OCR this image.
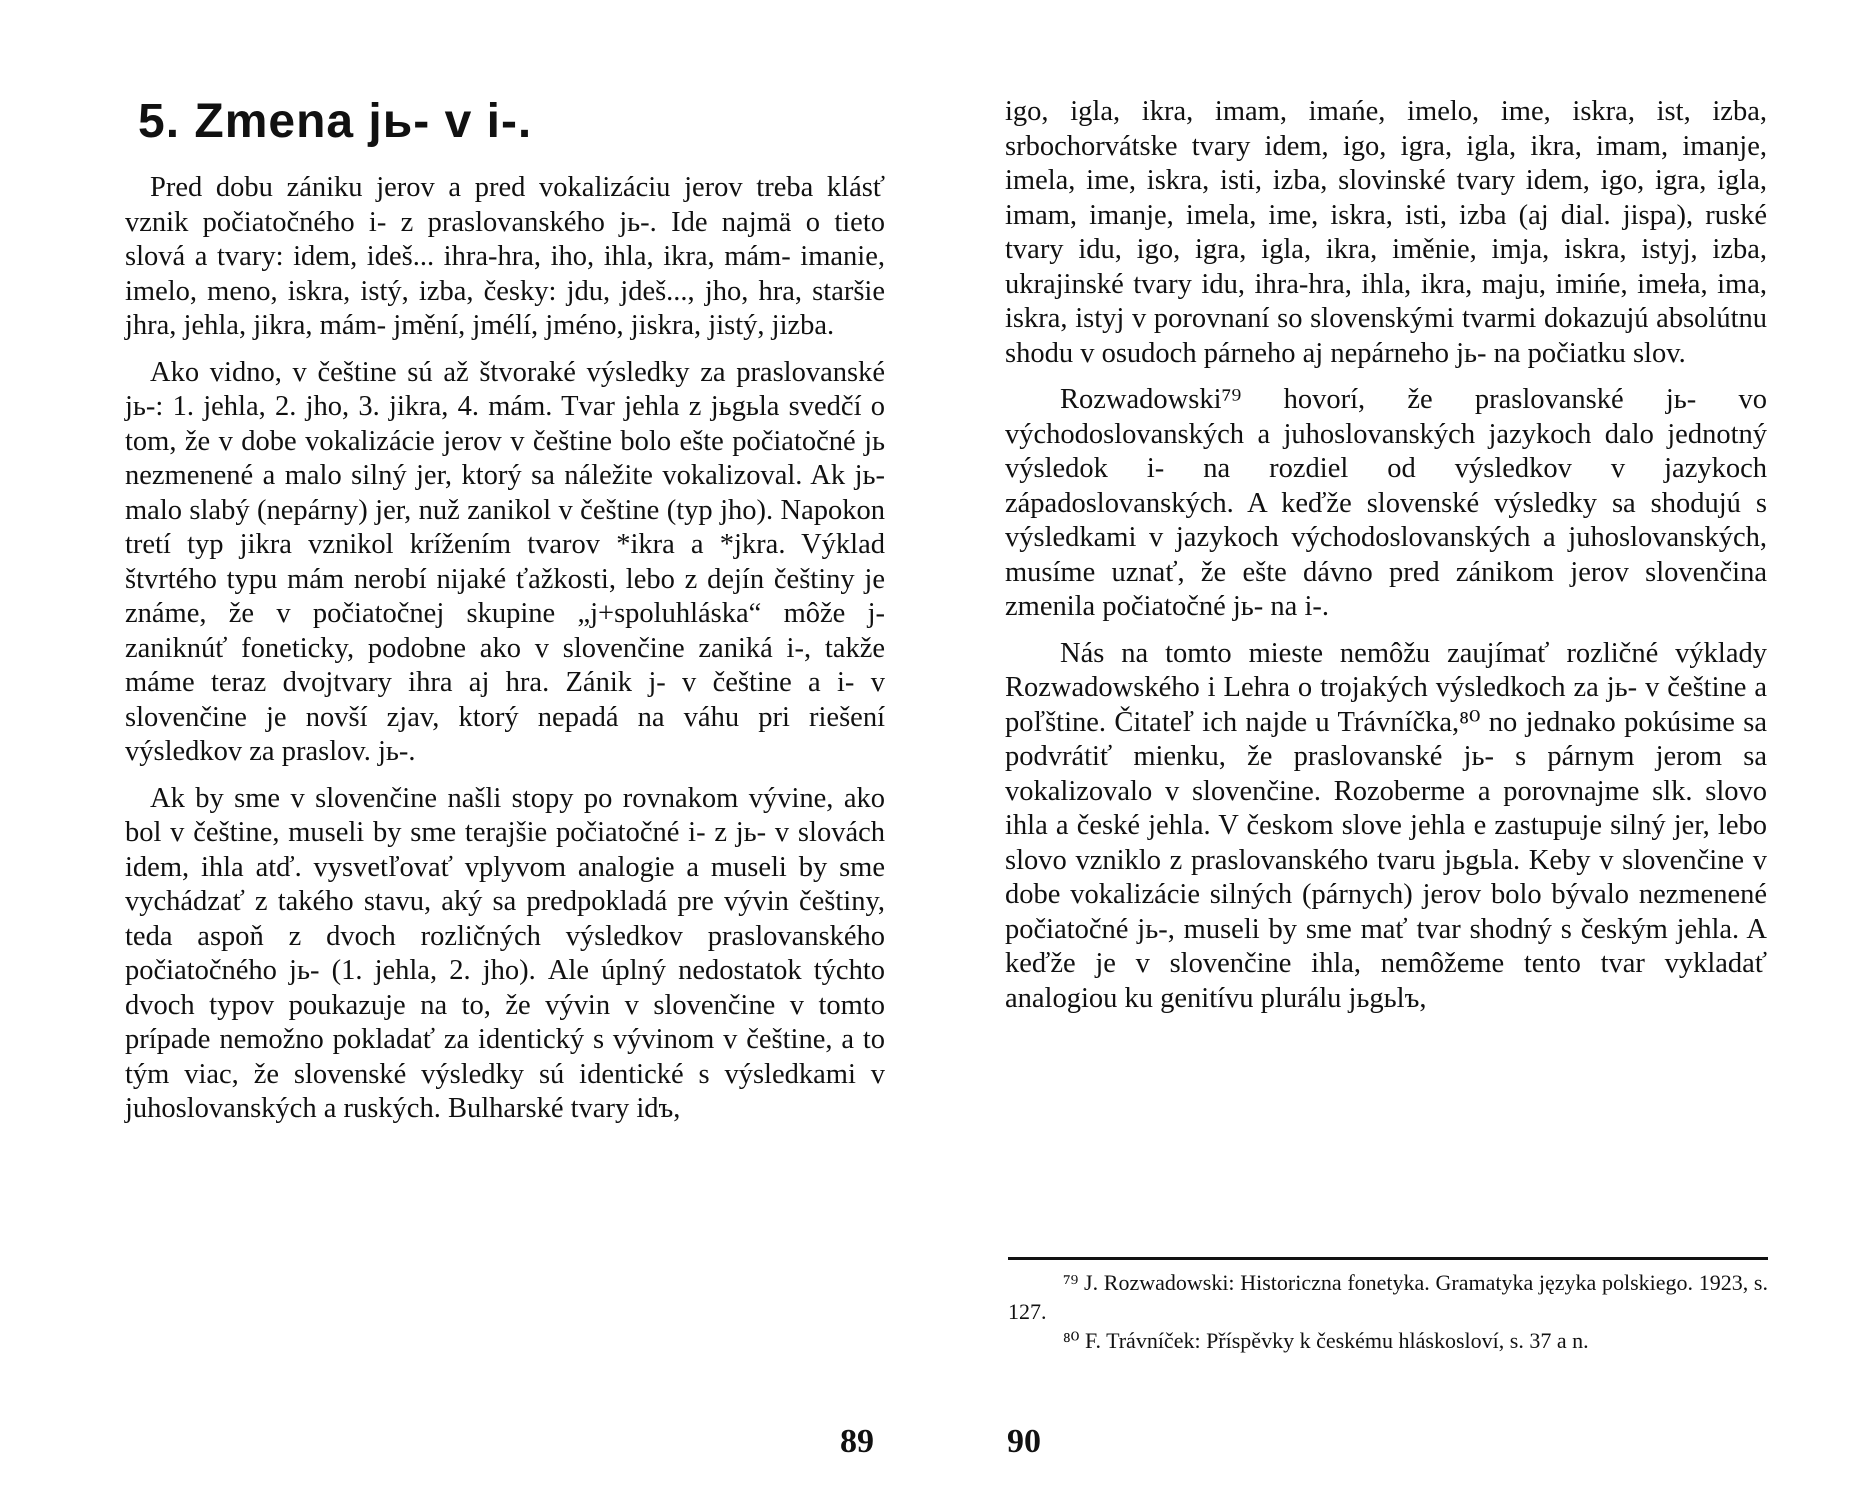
5. Zmena jь- v i-.

Pred dobu zániku jerov a pred vokalizáciu jerov treba klásť vznik počiatočného i- z praslovanského jь-. Ide najmä o tieto slová a tvary: idem, ideš... ihra-hra, iho, ihla, ikra, mám- imanie, imelo, meno, iskra, istý, izba, česky: jdu, jdeš..., jho, hra, staršie jhra, jehla, jikra, mám- jmění, jmélí, jméno, jiskra, jistý, jizba.

Ako vidno, v češtine sú až štvoraké výsledky za praslovanské jь-: 1. jehla, 2. jho, 3. jikra, 4. mám. Tvar jehla z jьgьla svedčí o tom, že v dobe vokalizácie jerov v češtine bolo ešte počiatočné jь nezmenené a malo silný jer, ktorý sa náležite vokalizoval. Ak jь- malo slabý (nepárny) jer, nuž zanikol v češtine (typ jho). Napokon tretí typ jikra vznikol krížením tvarov *ikra a *jkra. Výklad štvrtého typu mám nerobí nijaké ťažkosti, lebo z dejín češtiny je známe, že v počiatočnej skupine „j+spoluhláska“ môže j- zaniknúť foneticky, podobne ako v slovenčine zaniká i-, takže máme teraz dvojtvary ihra aj hra. Zánik j- v češtine a i- v slovenčine je novší zjav, ktorý nepadá na váhu pri riešení výsledkov za praslov. jь-.

Ak by sme v slovenčine našli stopy po rovnakom vývine, ako bol v češtine, museli by sme terajšie počiatočné i- z jь- v slovách idem, ihla atď. vysvetľovať vplyvom analogie a museli by sme vychádzať z takého stavu, aký sa predpokladá pre vývin češtiny, teda aspoň z dvoch rozličných výsledkov praslovanského počiatočného jь- (1. jehla, 2. jho). Ale úplný nedostatok týchto dvoch typov poukazuje na to, že vývin v slovenčine v tomto prípade nemožno pokladať za identický s vývinom v češtine, a to tým viac, že slovenské výsledky sú identické s výsledkami v juhoslovanských a ruských. Bulharské tvary idъ,

89

igo, igla, ikra, imam, imańe, imelo, ime, iskra, ist, izba, srbochorvátske tvary idem, igo, igra, igla, ikra, imam, imanje, imela, ime, iskra, isti, izba, slovinské tvary idem, igo, igra, igla, imam, imanje, imela, ime, iskra, isti, izba (aj dial. jispa), ruské tvary idu, igo, igra, igla, ikra, iměnie, imja, iskra, istyj, izba, ukrajinské tvary idu, ihra-hra, ihla, ikra, maju, imińe, imeła, ima, iskra, istyj v porovnaní so slovenskými tvarmi dokazujú absolútnu shodu v osudoch párneho aj nepárneho jь- na počiatku slov.

Rozwadowski⁷⁹ hovorí, že praslovanské jь- vo východoslovanských a juhoslovanských jazykoch dalo jednotný výsledok i- na rozdiel od výsledkov v jazykoch západoslovanských. A keďže slovenské výsledky sa shodujú s výsledkami v jazykoch východoslovanských a juhoslovanských, musíme uznať, že ešte dávno pred zánikom jerov slovenčina zmenila počiatočné jь- na i-.

Nás na tomto mieste nemôžu zaujímať rozličné výklady Rozwadowského i Lehra o trojakých výsledkoch za jь- v češtine a poľštine. Čitateľ ich najde u Trávníčka,⁸⁰ no jednako pokúsime sa podvrátiť mienku, že praslovanské jь- s párnym jerom sa vokalizovalo v slovenčine. Rozoberme a porovnajme slk. slovo ihla a české jehla. V českom slove jehla e zastupuje silný jer, lebo slovo vzniklo z praslovanského tvaru jьgьla. Keby v slovenčine v dobe vokalizácie silných (párnych) jerov bolo bývalo nezmenené počiatočné jь-, museli by sme mať tvar shodný s českým jehla. A keďže je v slovenčine ihla, nemôžeme tento tvar vykladať analogiou ku genitívu plurálu jьgьlъ,

⁷⁹ J. Rozwadowski: Historiczna fonetyka. Gramatyka języka polskiego. 1923, s. 127.

⁸⁰ F. Trávníček: Příspěvky k českému hláskosloví, s. 37 a n.

90
